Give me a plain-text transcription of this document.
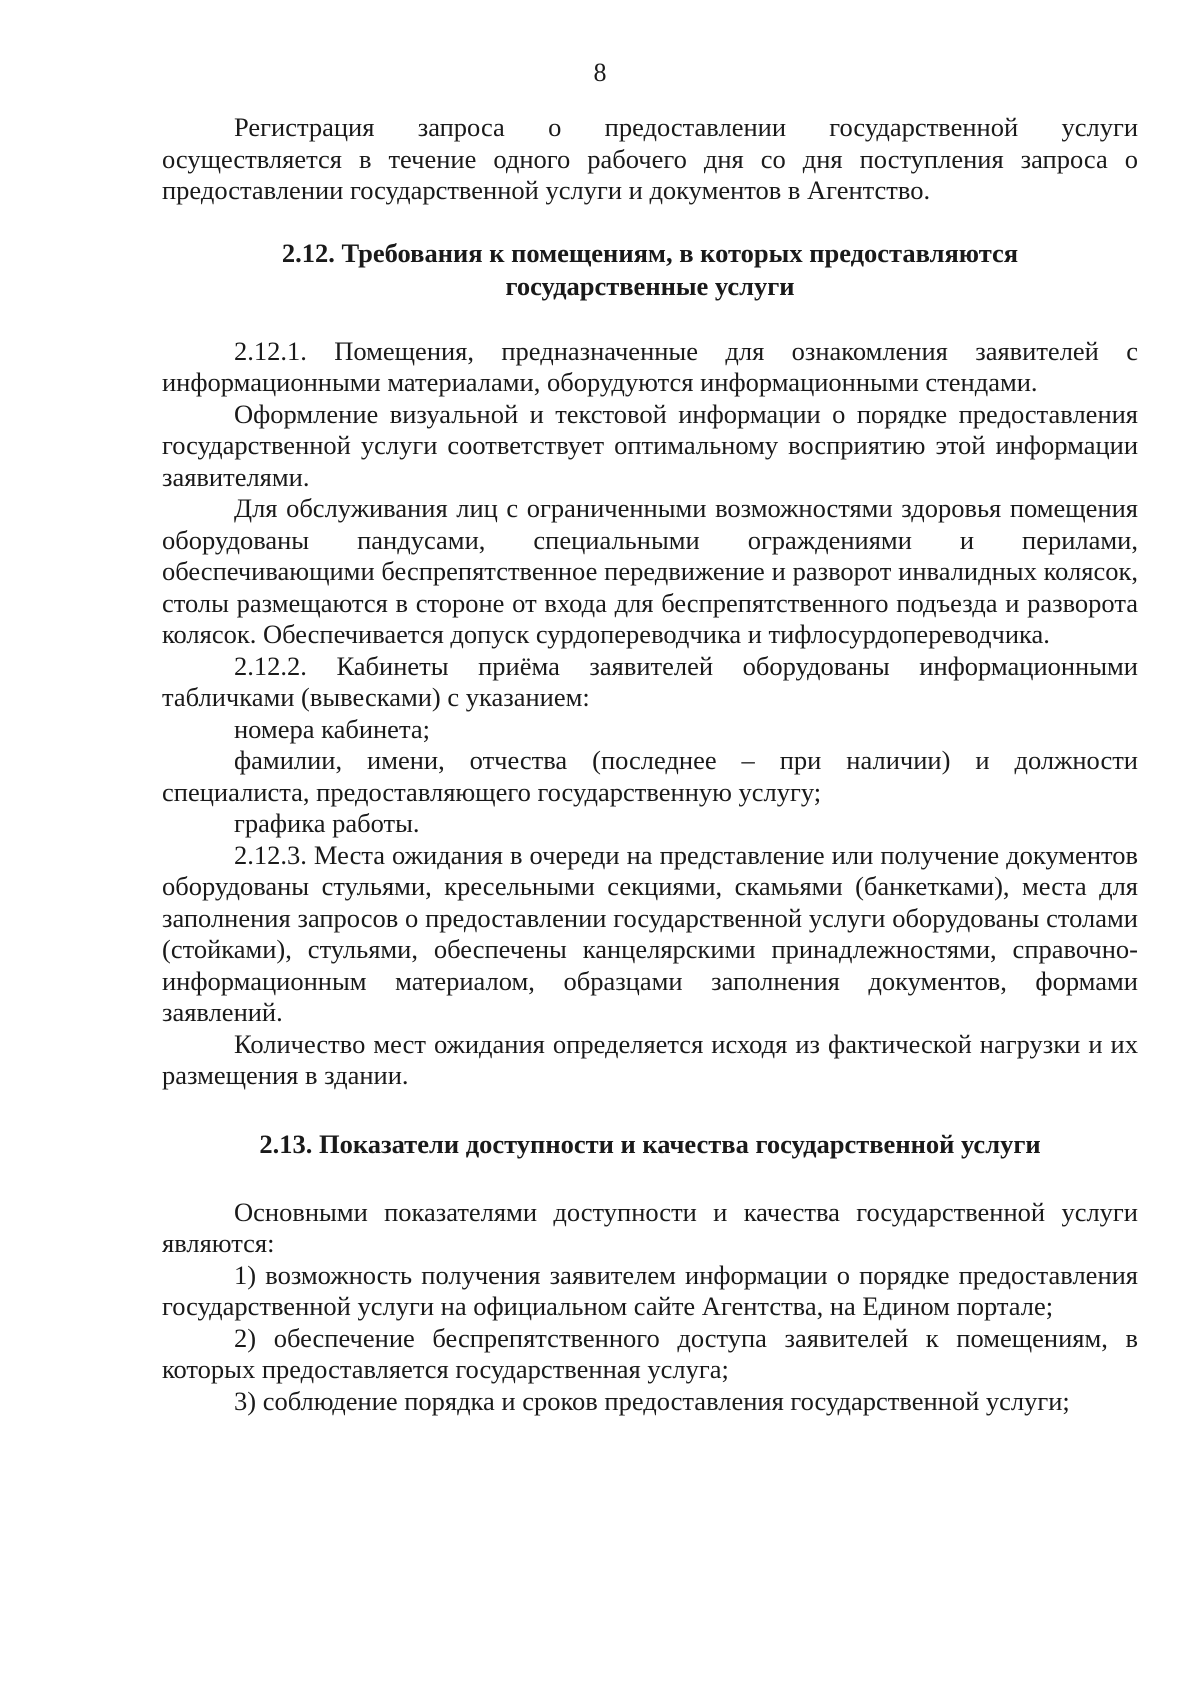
8

Регистрация запроса о предоставлении государственной услуги осуществляется в течение одного рабочего дня со дня поступления запроса о предоставлении государственной услуги и документов в Агентство.

2.12. Требования к помещениям, в которых предоставляются
государственные услуги

2.12.1. Помещения, предназначенные для ознакомления заявителей с информационными материалами, оборудуются информационными стендами.

Оформление визуальной и текстовой информации о порядке предоставления государственной услуги соответствует оптимальному восприятию этой информации заявителями.

Для обслуживания лиц с ограниченными возможностями здоровья помещения оборудованы пандусами, специальными ограждениями и перилами, обеспечивающими беспрепятственное передвижение и разворот инвалидных колясок, столы размещаются в стороне от входа для беспрепятственного подъезда и разворота колясок. Обеспечивается допуск сурдопереводчика и тифлосурдопереводчика.

2.12.2. Кабинеты приёма заявителей оборудованы информационными табличками (вывесками) с указанием:

номера кабинета;

фамилии, имени, отчества (последнее – при наличии) и должности специалиста, предоставляющего государственную услугу;

графика работы.

2.12.3. Места ожидания в очереди на представление или получение документов оборудованы стульями, кресельными секциями, скамьями (банкетками), места для заполнения запросов о предоставлении государственной услуги оборудованы столами (стойками), стульями, обеспечены канцелярскими принадлежностями, справочно-информационным материалом, образцами заполнения документов, формами заявлений.

Количество мест ожидания определяется исходя из фактической нагрузки и их размещения в здании.

2.13. Показатели доступности и качества государственной услуги

Основными показателями доступности и качества государственной услуги являются:

1) возможность получения заявителем информации о порядке предоставления государственной услуги на официальном сайте Агентства, на Едином портале;

2) обеспечение беспрепятственного доступа заявителей к помещениям, в которых предоставляется государственная услуга;

3) соблюдение порядка и сроков предоставления государственной услуги;
